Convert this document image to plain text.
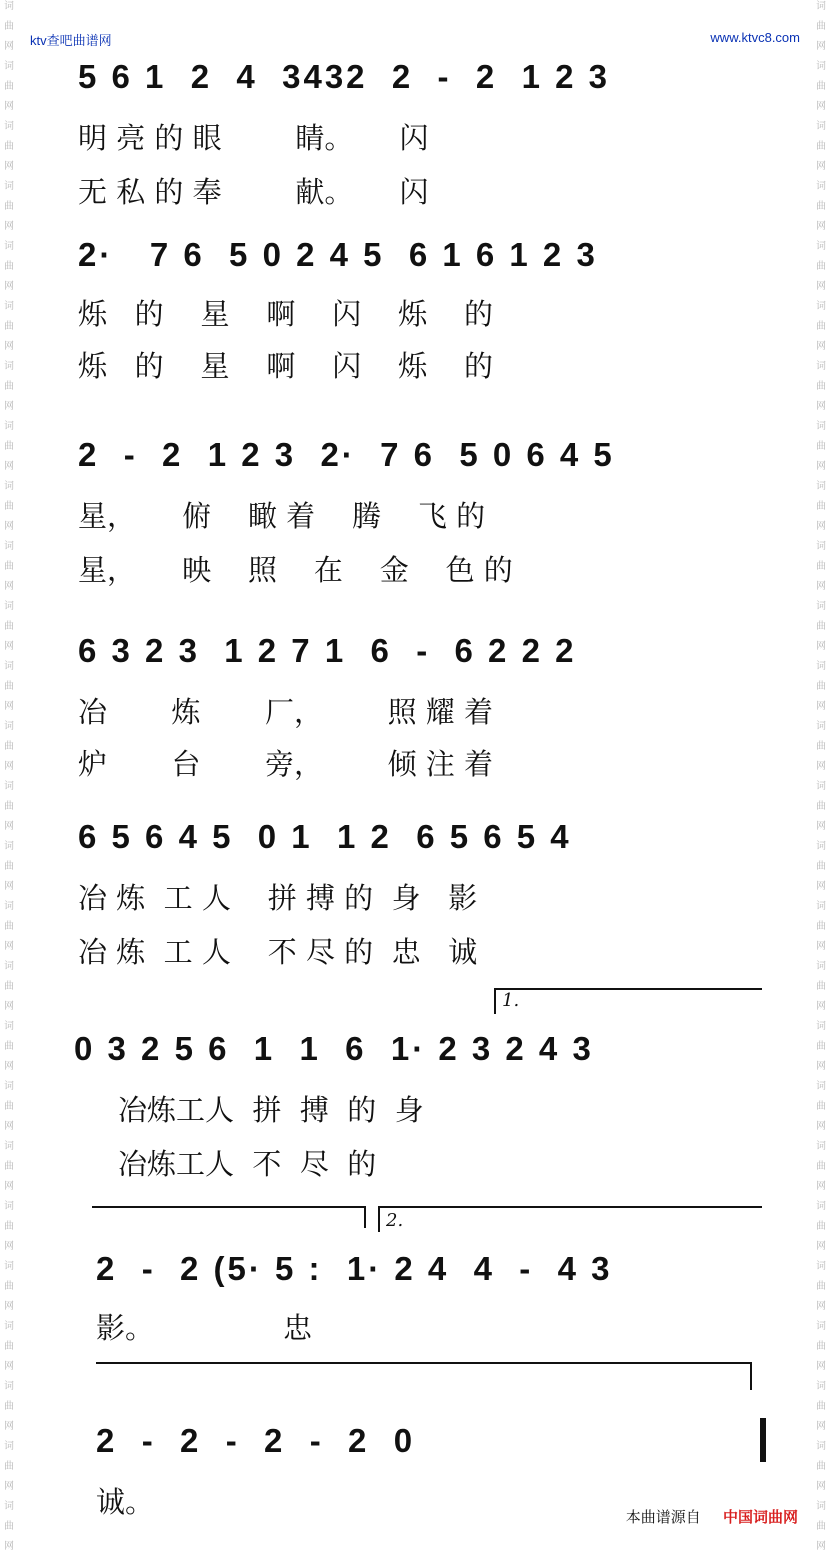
词
曲
网
词
曲
网
词
曲
网
词
曲
网
词
曲
网
词
曲
网
词
曲
网
词
曲
网
词
曲
网
词
曲
网
词
曲
网
词
曲
网
词
曲
网
词
曲
网
词
曲
网
词
曲
网
词
曲
网
词
曲
网
词
曲
网
词
曲
网
词
曲
网
词
曲
网
词
曲
网
词
曲
网
词
曲
网
词
曲
网
词
曲
网
词
曲
网
词
曲
网
词
曲
网
词
曲
网
词
曲
网
词
曲
网
词
曲
网
词
曲
网
词
曲
网
词
曲
网
词
曲
网
词
曲
网
词
曲
网
词
曲
网
词
曲
网
词
曲
网
词
曲
网
词
曲
网
词
曲
网
词
曲
网
词
曲
网
词
曲
网
词
曲
网
词
曲
网
词
曲
网
ktv查吧曲谱网	www.ktvc8.com
5 6 1  2  4  3432  2  -  2  1 2 3
明 亮 的 眼        睛。     闪
无 私 的 奉        献。     闪
2·   7 6  5 0 2 4 5  6 1 6 1 2 3
烁   的    星    啊    闪    烁    的
烁   的    星    啊    闪    烁    的
2  -  2  1 2 3  2·  7 6  5 0 6 4 5
星，     俯    瞰 着    腾    飞 的
星，     映    照    在    金    色 的
6 3 2 3  1 2 7 1  6  -  6 2 2 2
冶       炼       厂，       照 耀 着
炉       台       旁，       倾 注 着
6 5 6 4 5  0 1  1 2  6 5 6 5 4
冶 炼  工 人    拼 搏 的  身   影
冶 炼  工 人    不 尽 的  忠   诚
1.
0 3 2 5 6  1  1  6  1· 2 3 2 4 3
冶炼工人  拼  搏  的  身
冶炼工人  不  尽  的
2.
2  -  2 (5· 5 :  1· 2 4  4  -  4 3
影。              忠
2  -  2  -  2  -  2  0
诚。	本曲谱源自 中国词曲网
